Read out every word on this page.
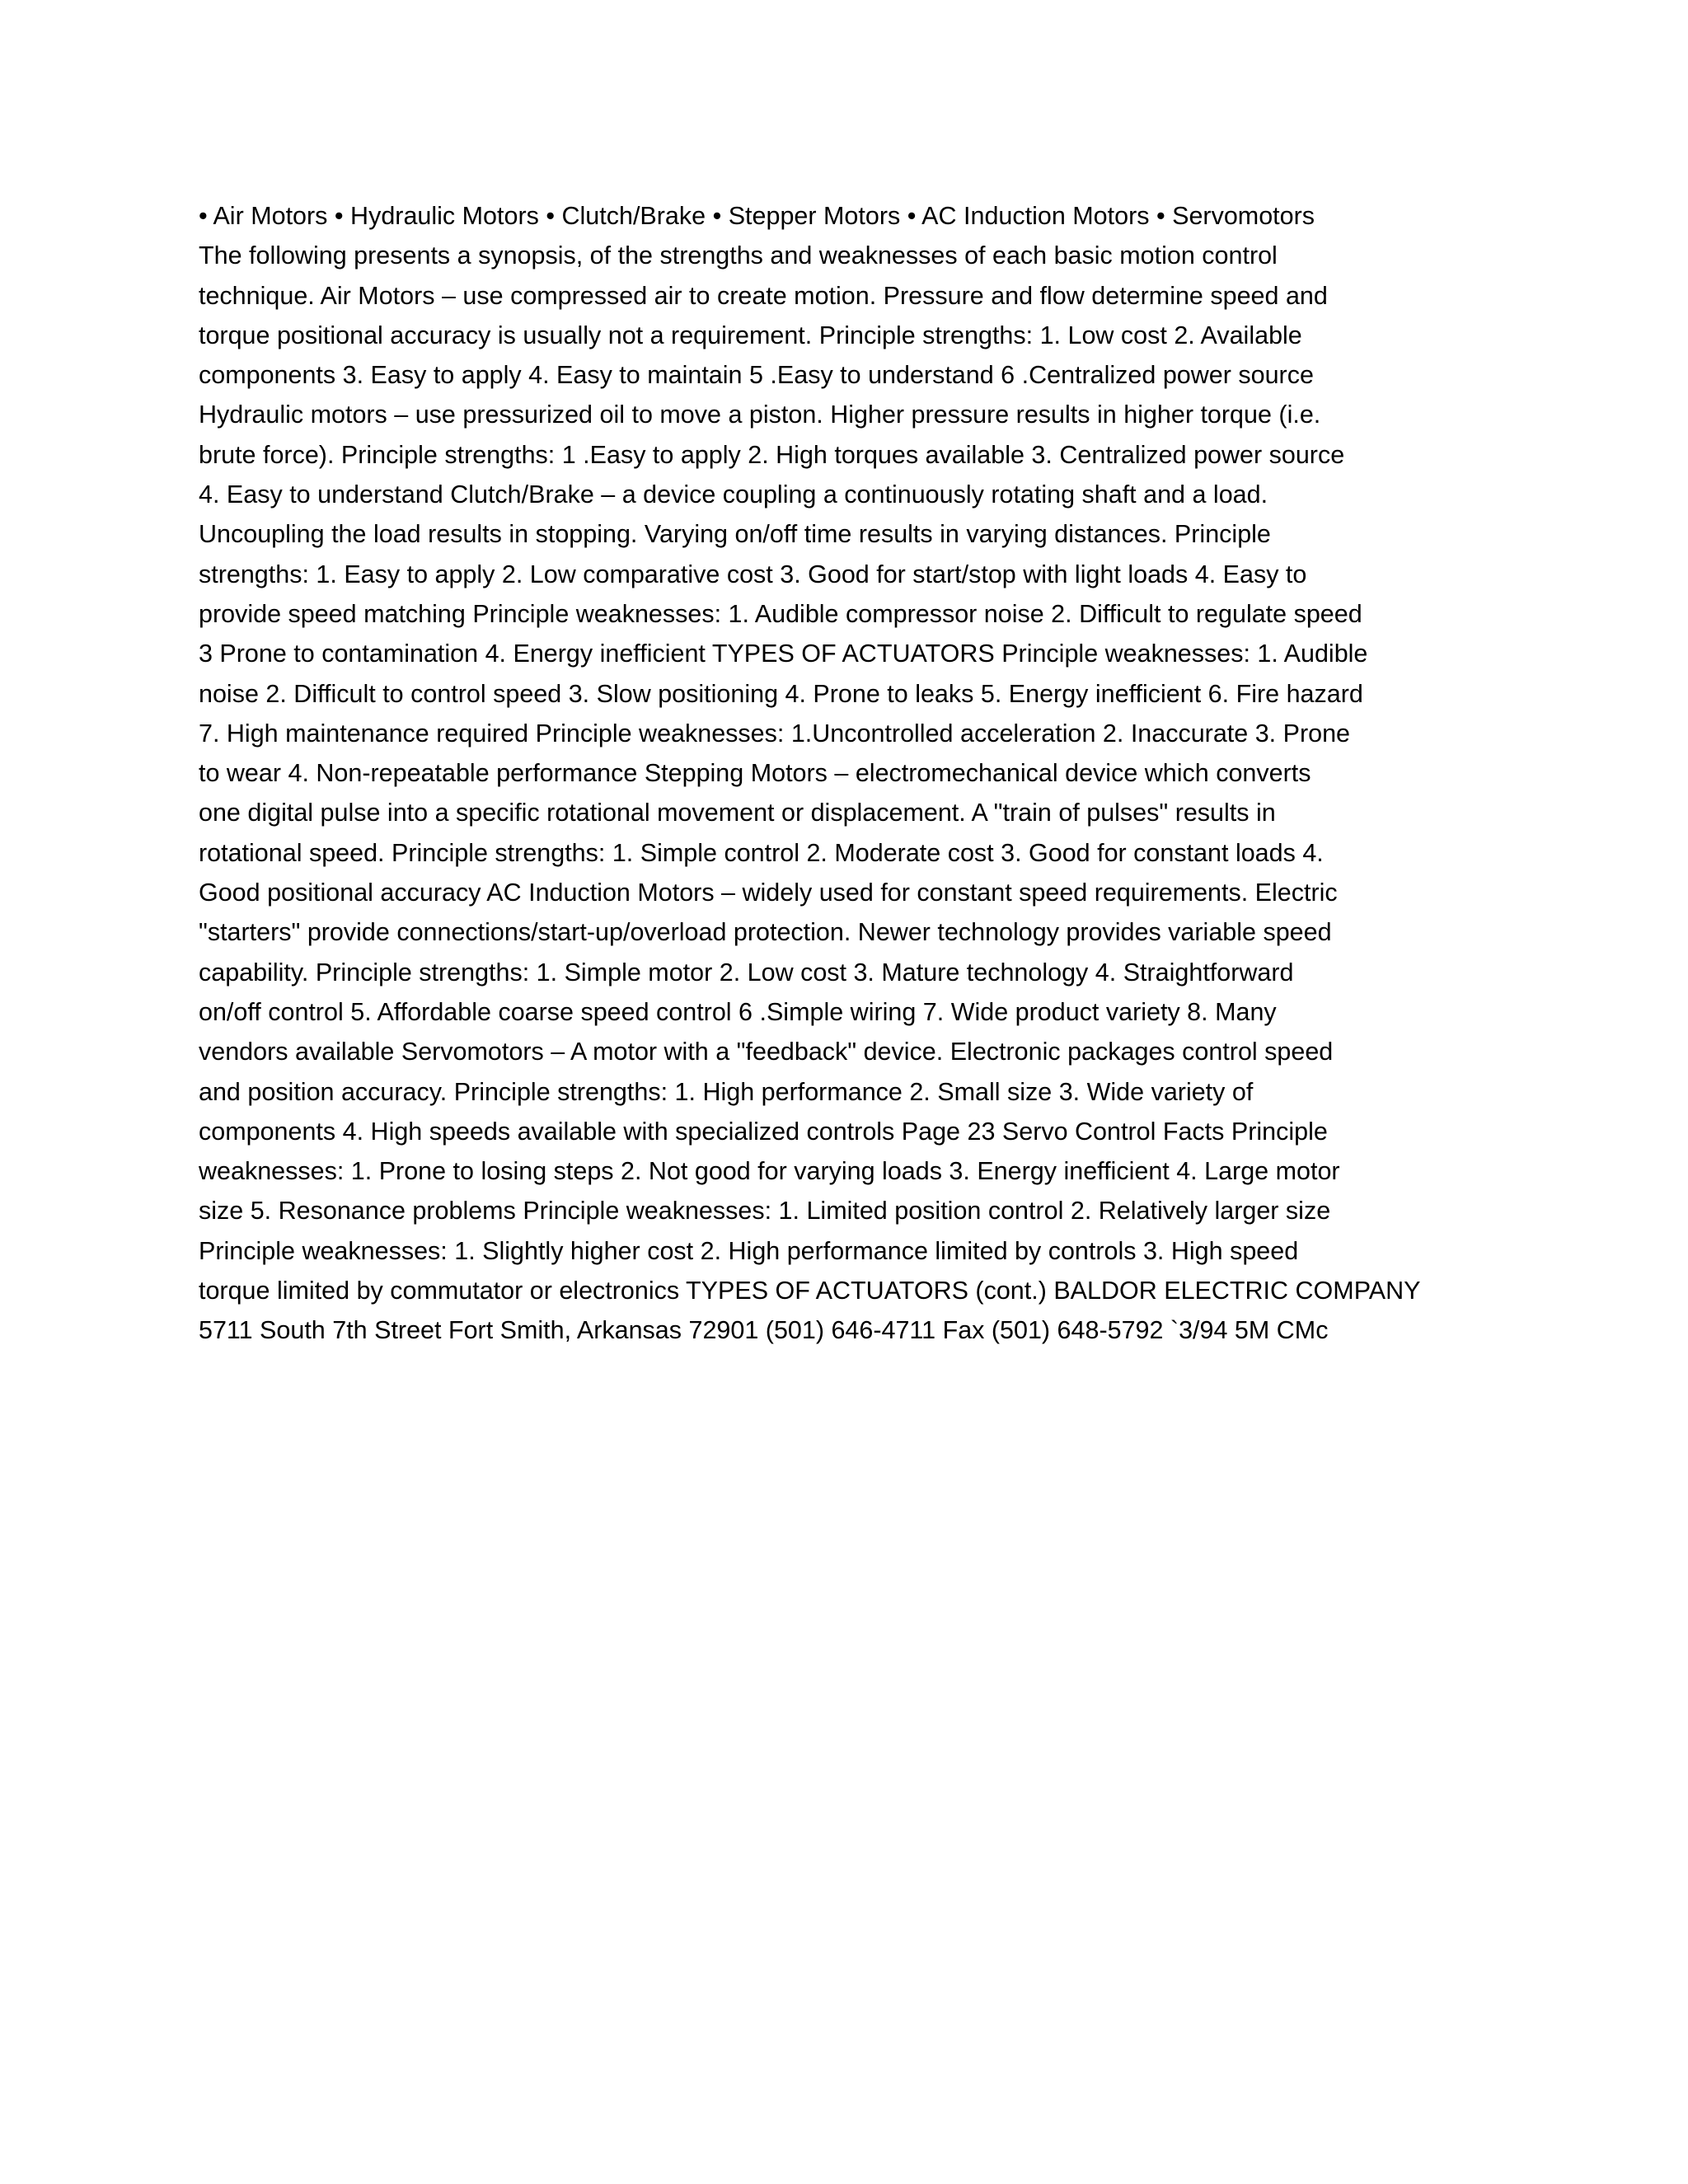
• Air Motors • Hydraulic Motors • Clutch/Brake • Stepper Motors • AC Induction Motors • Servomotors
The following presents a synopsis, of the strengths and weaknesses of each basic motion control
technique. Air Motors – use compressed air to create motion. Pressure and flow determine speed and
torque positional accuracy is usually not a requirement. Principle strengths: 1. Low cost 2. Available
components 3. Easy to apply 4. Easy to maintain 5 .Easy to understand 6 .Centralized power source
Hydraulic motors – use pressurized oil to move a piston. Higher pressure results in higher torque (i.e.
brute force). Principle strengths: 1 .Easy to apply 2. High torques available 3. Centralized power source
4. Easy to understand Clutch/Brake – a device coupling a continuously rotating shaft and a load.
Uncoupling the load results in stopping. Varying on/off time results in varying distances. Principle
strengths: 1. Easy to apply 2. Low comparative cost 3. Good for start/stop with light loads 4. Easy to
provide speed matching Principle weaknesses: 1. Audible compressor noise 2. Difficult to regulate speed
3 Prone to contamination 4. Energy inefficient TYPES OF ACTUATORS Principle weaknesses: 1. Audible
noise 2. Difficult to control speed 3. Slow positioning 4. Prone to leaks 5. Energy inefficient 6. Fire hazard
7. High maintenance required Principle weaknesses: 1.Uncontrolled acceleration 2. Inaccurate 3. Prone
to wear 4. Non-repeatable performance Stepping Motors – electromechanical device which converts
one digital pulse into a specific rotational movement or displacement. A "train of pulses" results in
rotational speed. Principle strengths: 1. Simple control 2. Moderate cost 3. Good for constant loads 4.
Good positional accuracy AC Induction Motors – widely used for constant speed requirements. Electric
"starters" provide connections/start-up/overload protection. Newer technology provides variable speed
capability. Principle strengths: 1. Simple motor 2. Low cost 3. Mature technology 4. Straightforward
on/off control 5. Affordable coarse speed control 6 .Simple wiring 7. Wide product variety 8. Many
vendors available Servomotors – A motor with a "feedback" device. Electronic packages control speed
and position accuracy. Principle strengths: 1. High performance 2. Small size 3. Wide variety of
components 4. High speeds available with specialized controls Page 23 Servo Control Facts Principle
weaknesses: 1. Prone to losing steps 2. Not good for varying loads 3. Energy inefficient 4. Large motor
size 5. Resonance problems Principle weaknesses: 1. Limited position control 2. Relatively larger size
Principle weaknesses: 1. Slightly higher cost 2. High performance limited by controls 3. High speed
torque limited by commutator or electronics TYPES OF ACTUATORS (cont.) BALDOR ELECTRIC COMPANY
5711 South 7th Street Fort Smith, Arkansas 72901 (501) 646-4711 Fax (501) 648-5792 `3/94 5M CMc
